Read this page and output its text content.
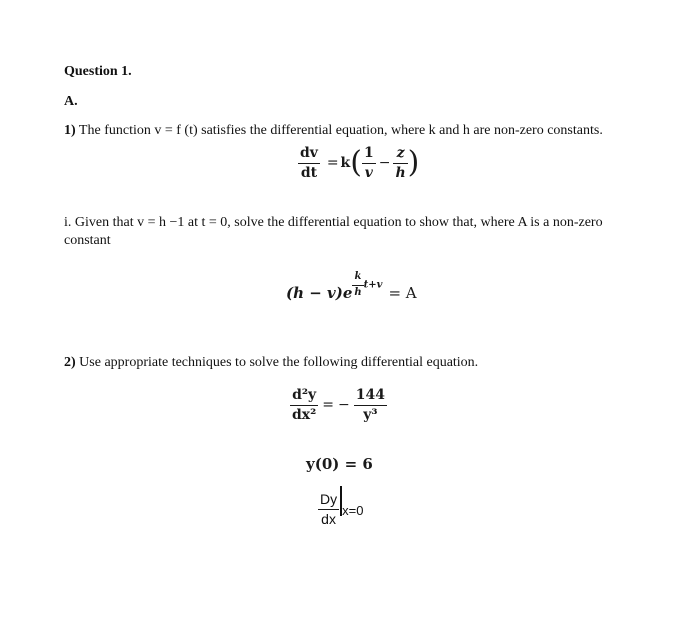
Question 1.
A.
1) The function v = f (t) satisfies the differential equation, where k and h are non-zero constants.
$\frac{dv}{dt} = k( \frac{1}{v} - \frac{z}{h}$ )
i. Given that v = h −1 at t = 0, solve the differential equation to show that, where A is a non-zero
constant
$(h - v)e \frac{k}{h} t+v = A$
2) Use appropriate techniques to solve the following differential equation.
$\frac{\text{d²y}}{\text{dx²}}$ = − $\frac{144}{\text{y³}}$
y(0) = 6
$\frac{Dy}{dx} x=0$
